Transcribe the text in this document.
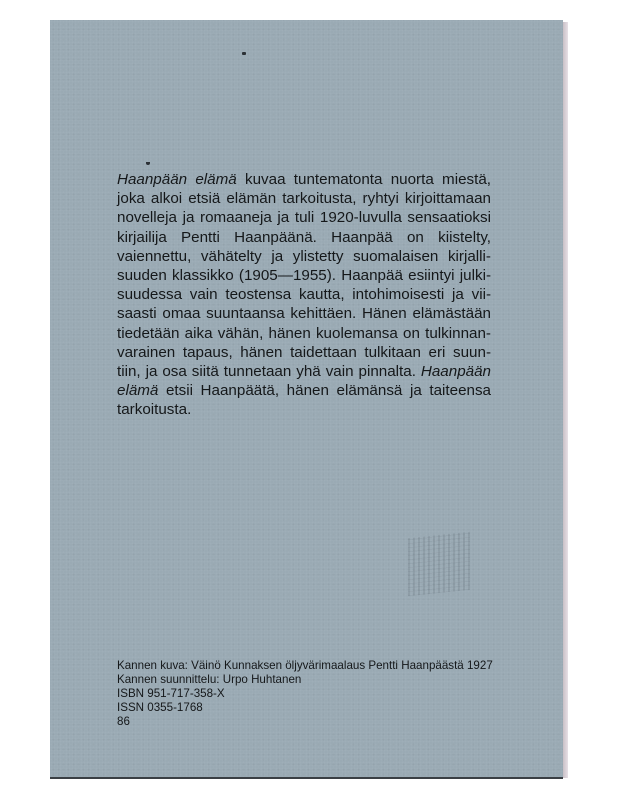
Haanpään elämä kuvaa tuntematonta nuorta miestä,
joka alkoi etsiä elämän tarkoitusta, ryhtyi kirjoittamaan
novelleja ja romaaneja ja tuli 1920-luvulla sensaatioksi
kirjailija Pentti Haanpäänä. Haanpää on kiistelty,
vaiennettu, vähätelty ja ylistetty suomalaisen kirjalli-
suuden klassikko (1905—1955). Haanpää esiintyi julki-
suudessa vain teostensa kautta, intohimoisesti ja vii-
saasti omaa suuntaansa kehittäen. Hänen elämästään
tiedetään aika vähän, hänen kuolemansa on tulkinnan-
varainen tapaus, hänen taidettaan tulkitaan eri suun-
tiin, ja osa siitä tunnetaan yhä vain pinnalta. Haanpään
elämä etsii Haanpäätä, hänen elämänsä ja taiteensa
tarkoitusta.
Kannen kuva: Väinö Kunnaksen öljyvärimaalaus Pentti Haanpäästä 1927
Kannen suunnittelu: Urpo Huhtanen
ISBN 951-717-358-X
ISSN 0355-1768
86
